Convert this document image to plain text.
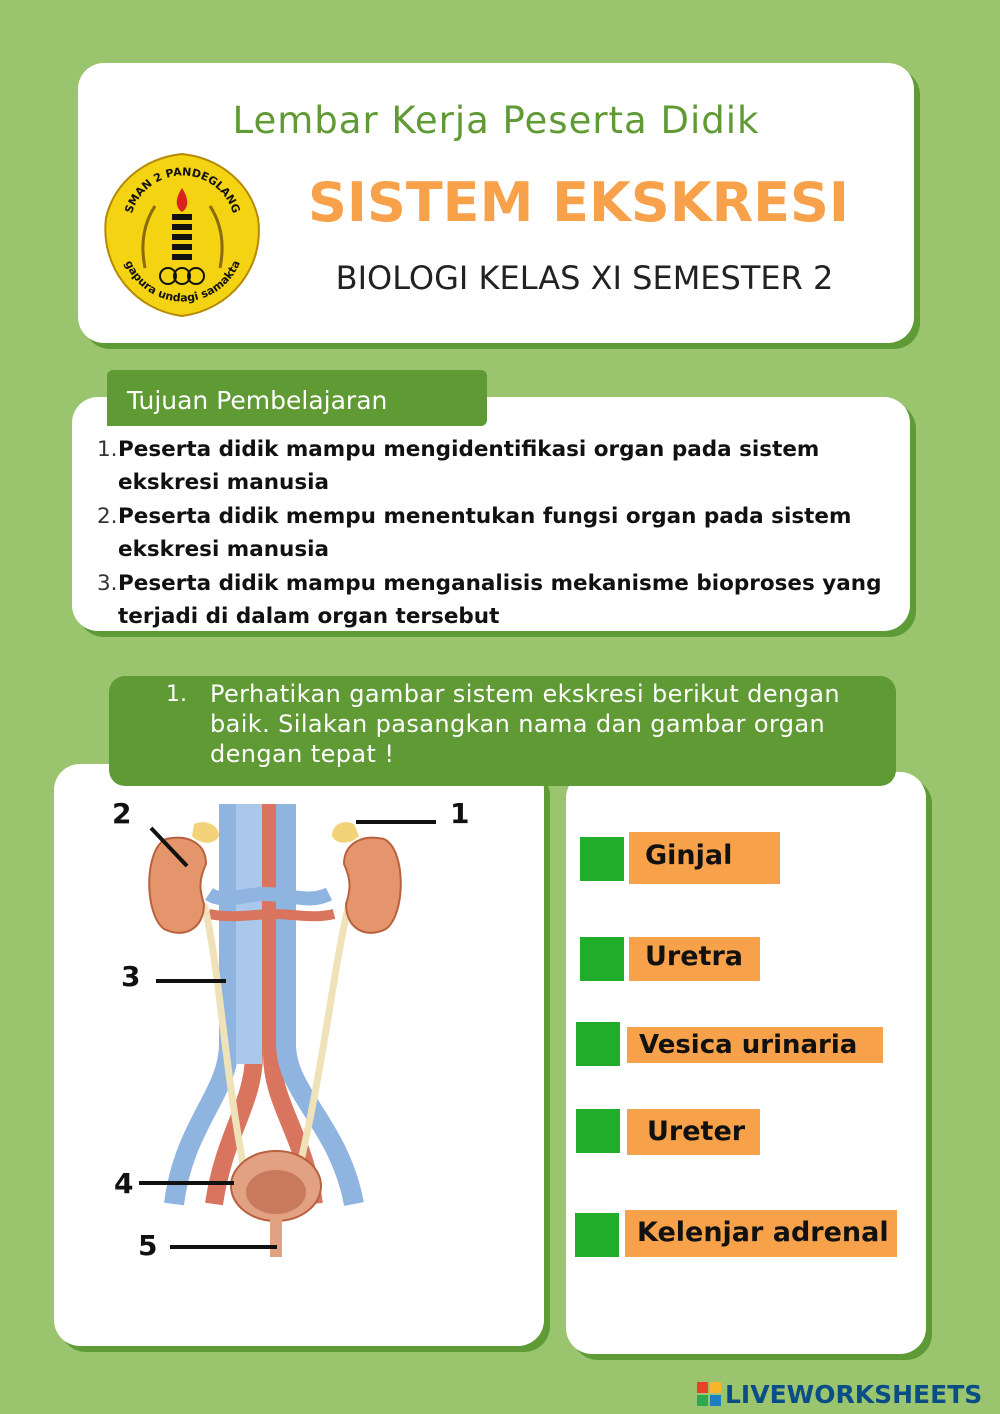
Lembar Kerja Peserta Didik
SISTEM EKSKRESI
BIOLOGI KELAS XI SEMESTER 2
SMAN 2 PANDEGLANG
gapura undagi samakta
Tujuan Pembelajaran
1. Peserta didik mampu mengidentifikasi organ pada sistem ekskresi manusia
2. Peserta didik mempu menentukan fungsi organ pada sistem ekskresi manusia
3. Peserta didik mampu menganalisis mekanisme bioproses yang terjadi di dalam organ tersebut
1. Perhatikan gambar sistem ekskresi berikut dengan baik. Silakan pasangkan nama dan gambar organ dengan tepat !
1
2
3
4
5
Ginjal
Uretra
Vesica urinaria
Ureter
Kelenjar adrenal
LIVEWORKSHEETS
